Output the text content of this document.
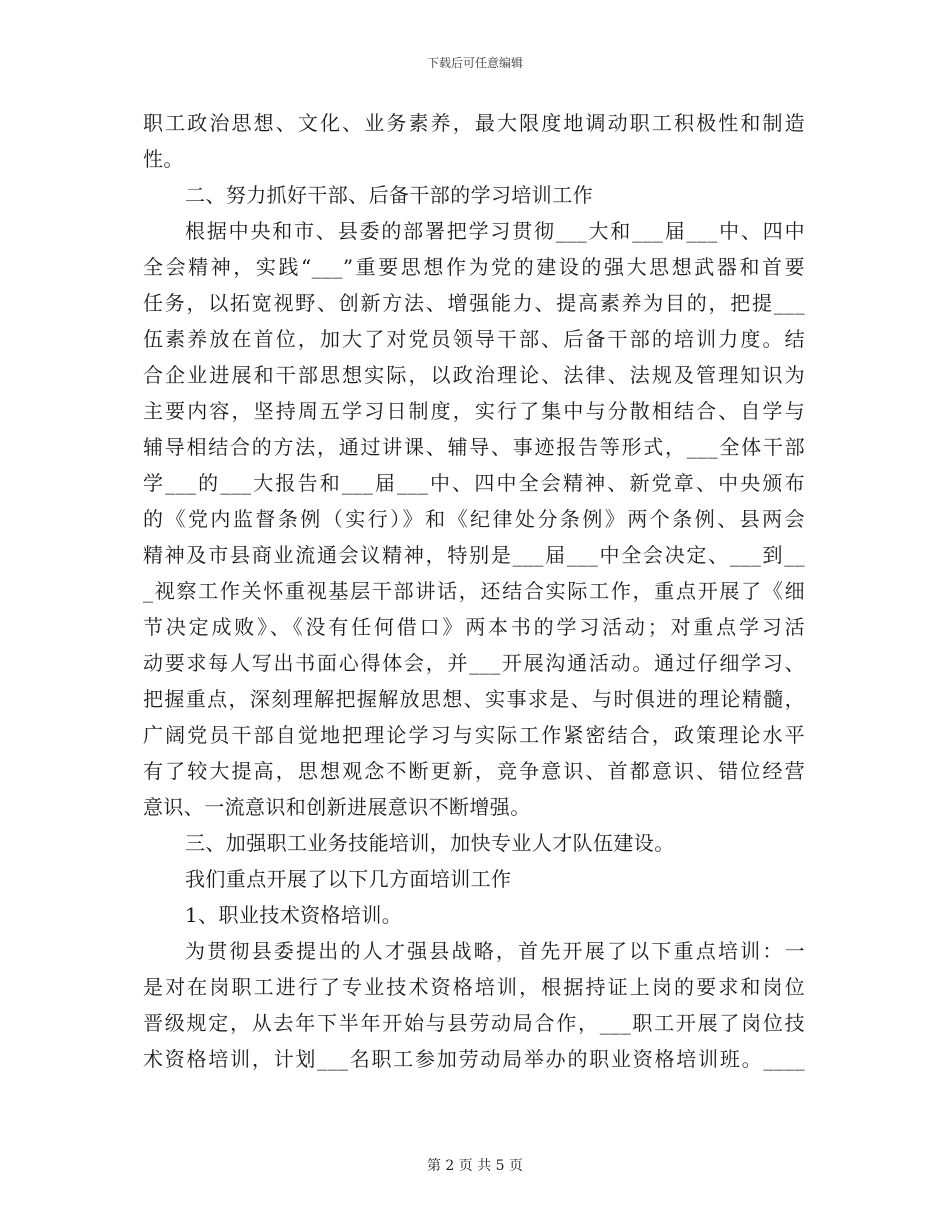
下载后可任意编辑
职工政治思想、文化、业务素养，最大限度地调动职工积极性和制造
性。
二、努力抓好干部、后备干部的学习培训工作
根据中央和市、县委的部署把学习贯彻___大和___届___中、四中
全会精神，实践“___”重要思想作为党的建设的强大思想武器和首要
任务，以拓宽视野、创新方法、增强能力、提高素养为目的，把提___
伍素养放在首位，加大了对党员领导干部、后备干部的培训力度。结
合企业进展和干部思想实际，以政治理论、法律、法规及管理知识为
主要内容，坚持周五学习日制度，实行了集中与分散相结合、自学与
辅导相结合的方法，通过讲课、辅导、事迹报告等形式，___全体干部
学___的___大报告和___届___中、四中全会精神、新党章、中央颁布
的《党内监督条例（实行）》和《纪律处分条例》两个条例、县两会
精神及市县商业流通会议精神，特别是___届___中全会决定、___到__
_视察工作关怀重视基层干部讲话，还结合实际工作，重点开展了《细
节决定成败》、《没有任何借口》两本书的学习活动；对重点学习活
动要求每人写出书面心得体会，并___开展沟通活动。通过仔细学习、
把握重点，深刻理解把握解放思想、实事求是、与时俱进的理论精髓，
广阔党员干部自觉地把理论学习与实际工作紧密结合，政策理论水平
有了较大提高，思想观念不断更新，竞争意识、首都意识、错位经营
意识、一流意识和创新进展意识不断增强。
三、加强职工业务技能培训，加快专业人才队伍建设。
我们重点开展了以下几方面培训工作
1、职业技术资格培训。
为贯彻县委提出的人才强县战略，首先开展了以下重点培训：一
是对在岗职工进行了专业技术资格培训，根据持证上岗的要求和岗位
晋级规定，从去年下半年开始与县劳动局合作，___职工开展了岗位技
术资格培训，计划___名职工参加劳动局举办的职业资格培训班。____
第 2 页 共 5 页
